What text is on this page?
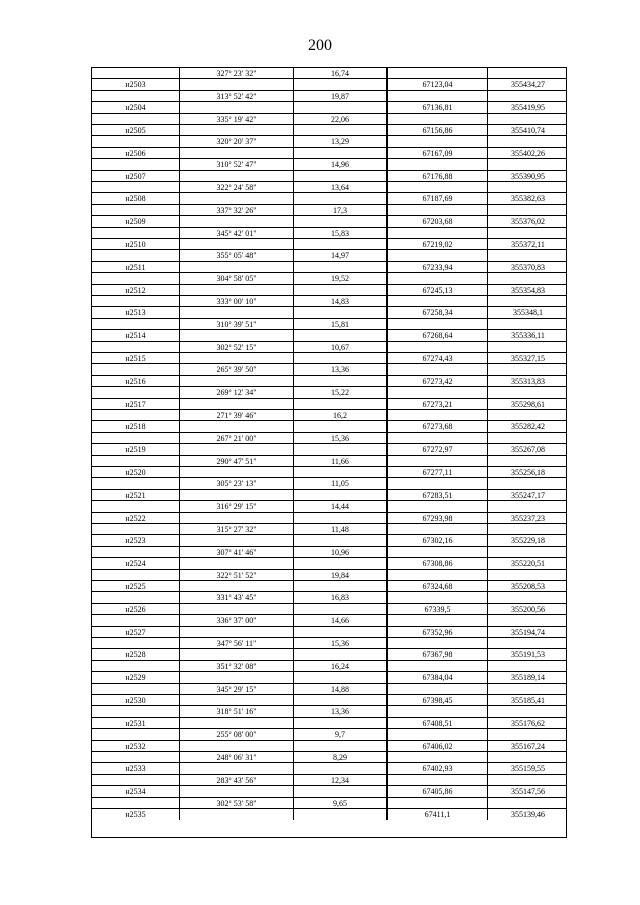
200
327° 23' 32"	16,74
н2503	67123,04	355434,27
313° 52' 42"	19,87
н2504	67136,81	355419,95
335° 19' 42"	22,06
н2505	67156,86	355410,74
320° 20' 37"	13,29
н2506	67167,09	355402,26
310° 52' 47"	14,96
н2507	67176,88	355390,95
322° 24' 58"	13,64
н2508	67187,69	355382,63
337° 32' 26"	17,3
н2509	67203,68	355376,02
345° 42' 01"	15,83
н2510	67219,02	355372,11
355° 05' 48"	14,97
н2511	67233,94	355370,83
304° 58' 05"	19,52
н2512	67245,13	355354,83
333° 00' 10"	14,83
н2513	67258,34	355348,1
310° 39' 51"	15,81
н2514	67268,64	355336,11
302° 52' 15"	10,67
н2515	67274,43	355327,15
265° 39' 50"	13,36
н2516	67273,42	355313,83
269° 12' 34"	15,22
н2517	67273,21	355298,61
271° 39' 46"	16,2
н2518	67273,68	355282,42
267° 21' 00"	15,36
н2519	67272,97	355267,08
290° 47' 51"	11,66
н2520	67277,11	355256,18
305° 23' 13"	11,05
н2521	67283,51	355247,17
316° 29' 15"	14,44
н2522	67293,98	355237,23
315° 27' 32"	11,48
н2523	67302,16	355229,18
307° 41' 46"	10,96
н2524	67308,86	355220,51
322° 51' 52"	19,84
н2525	67324,68	355208,53
331° 43' 45"	16,83
н2526	67339,5	355200,56
336° 37' 00"	14,66
н2527	67352,96	355194,74
347° 56' 11"	15,36
н2528	67367,98	355191,53
351° 32' 08"	16,24
н2529	67384,04	355189,14
345° 29' 15"	14,88
н2530	67398,45	355185,41
318° 51' 16"	13,36
н2531	67408,51	355176,62
255° 08' 00"	9,7
н2532	67406,02	355167,24
248° 06' 31"	8,29
н2533	67402,93	355159,55
283° 43' 56"	12,34
н2534	67405,86	355147,56
302° 53' 58"	9,65
н2535	67411,1	355139,46
